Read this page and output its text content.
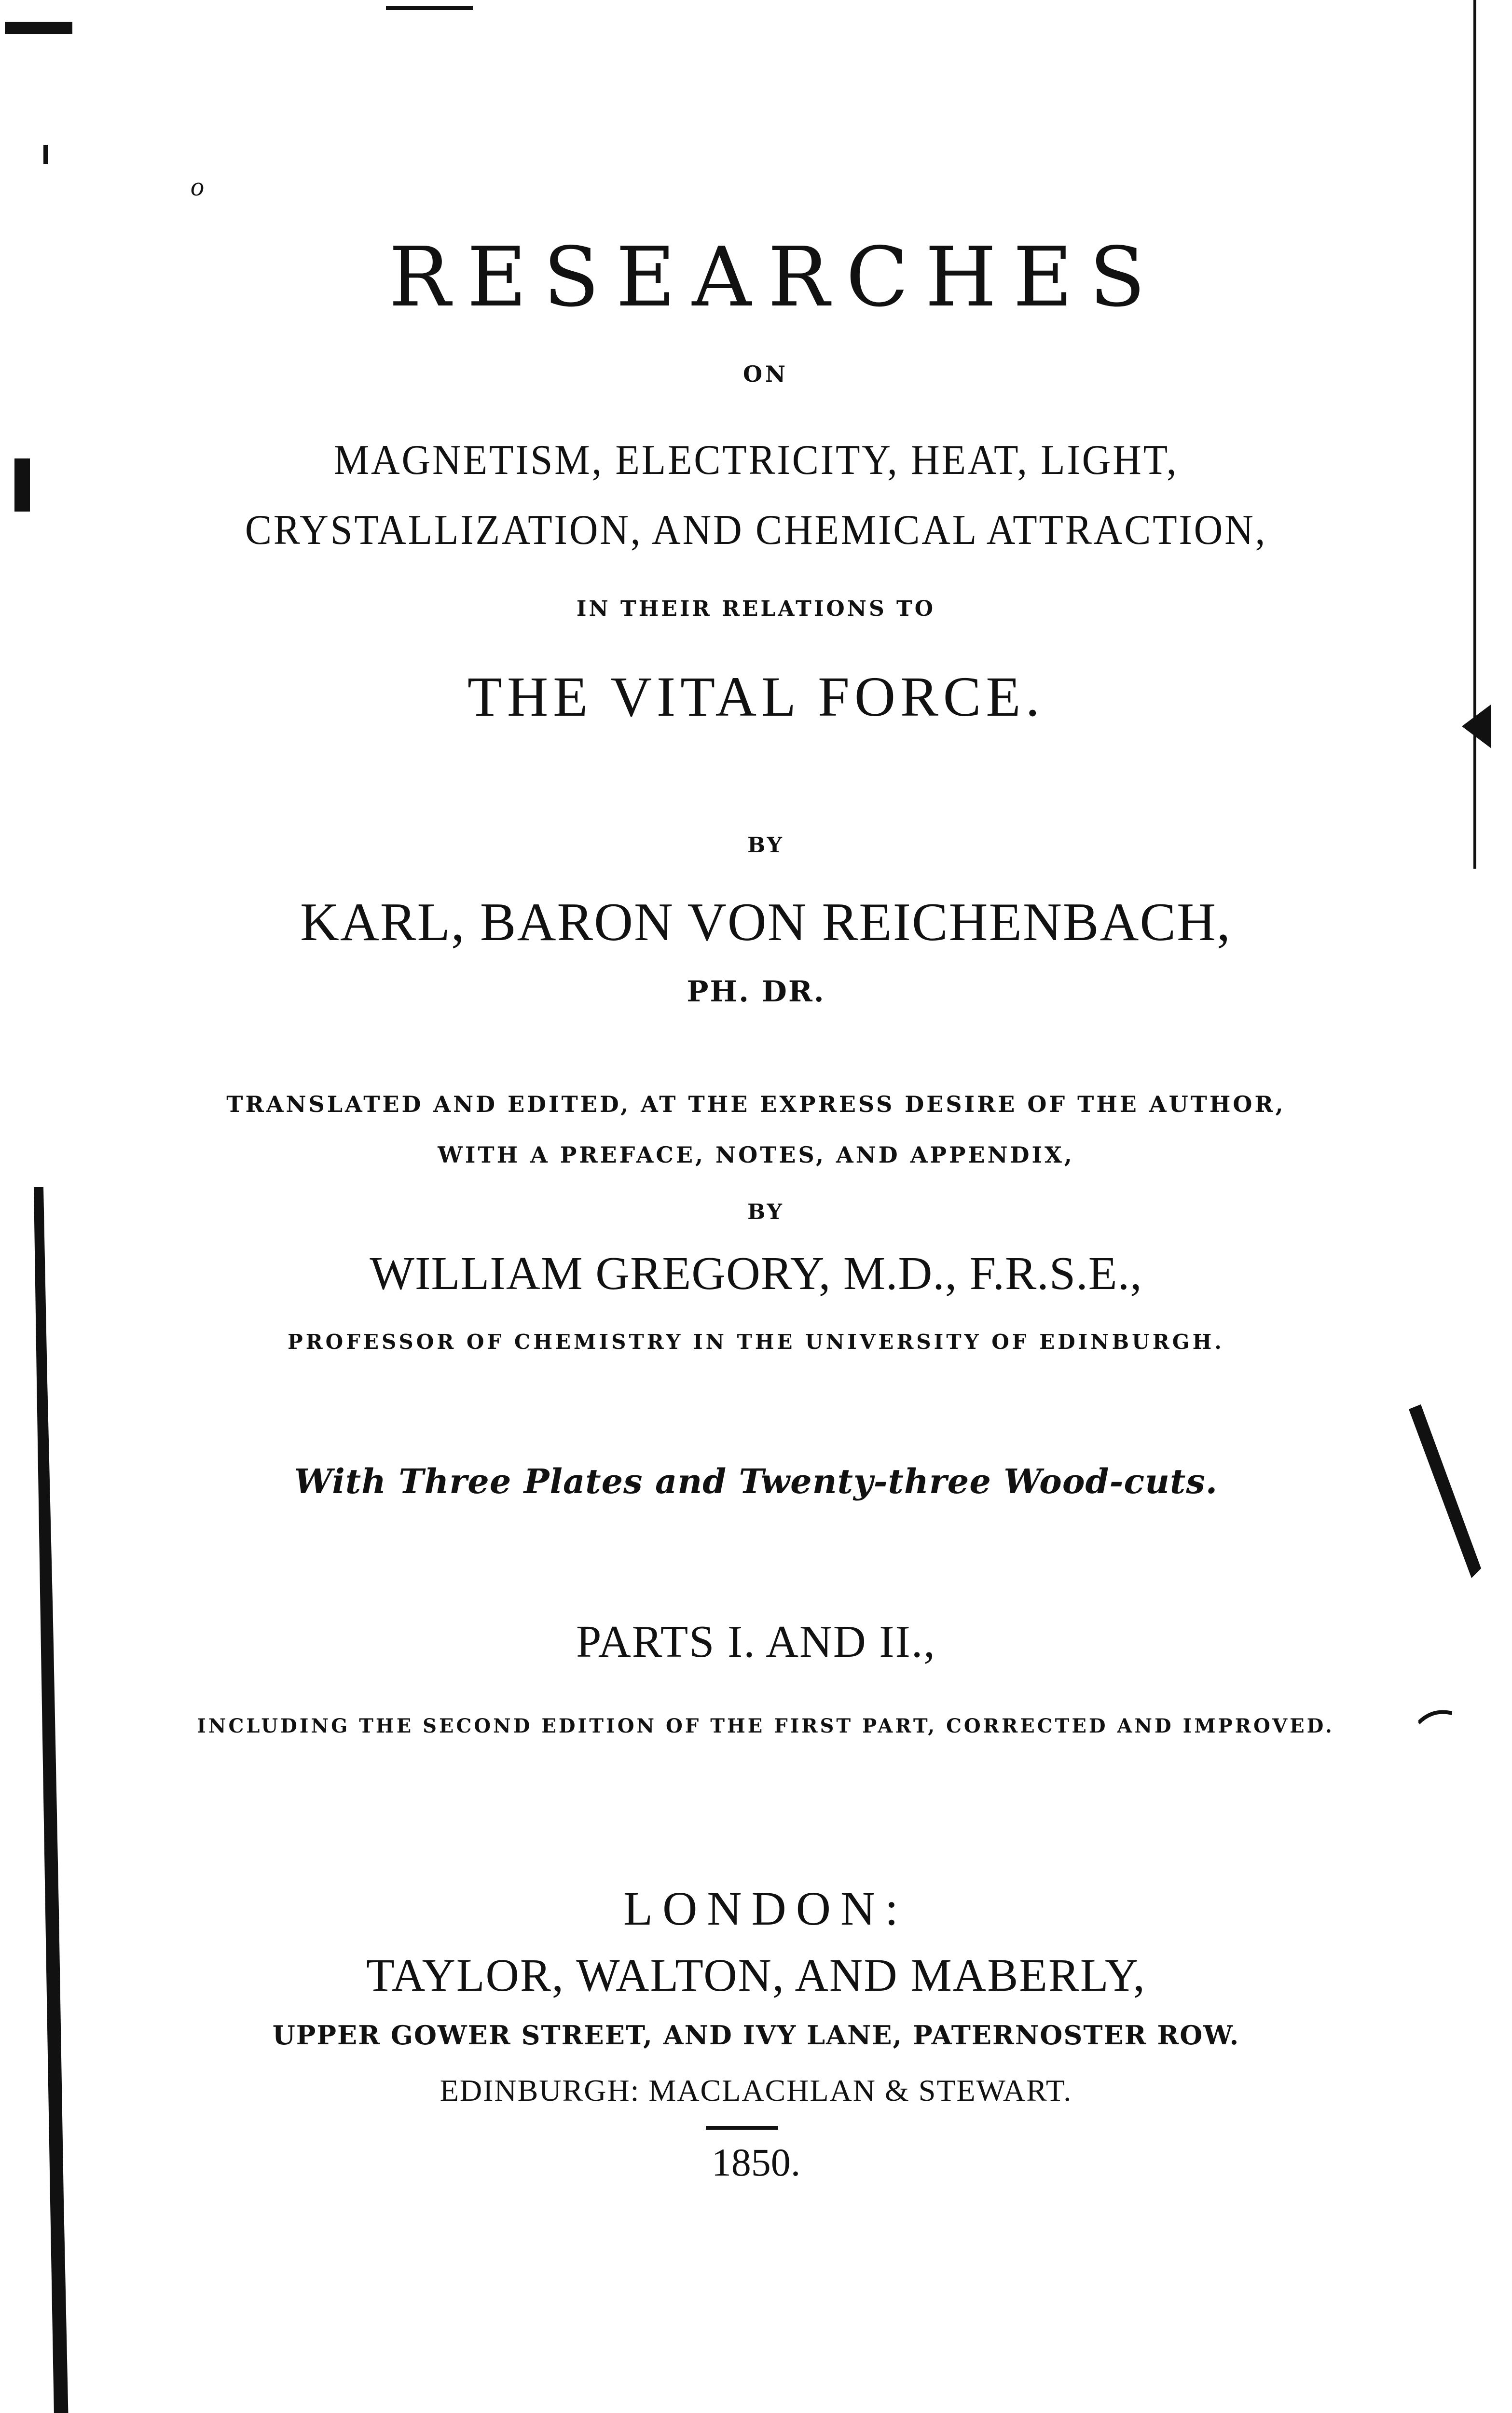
o
RESEARCHES
ON
MAGNETISM, ELECTRICITY, HEAT, LIGHT,
CRYSTALLIZATION, AND CHEMICAL ATTRACTION,
IN THEIR RELATIONS TO
THE VITAL FORCE.
BY
KARL, BARON VON REICHENBACH,
PH. DR.
TRANSLATED AND EDITED, AT THE EXPRESS DESIRE OF THE AUTHOR,
WITH A PREFACE, NOTES, AND APPENDIX,
BY
WILLIAM GREGORY, M.D., F.R.S.E.,
PROFESSOR OF CHEMISTRY IN THE UNIVERSITY OF EDINBURGH.
With Three Plates and Twenty-three Wood-cuts.
PARTS I. AND II.,
INCLUDING THE SECOND EDITION OF THE FIRST PART, CORRECTED AND IMPROVED.
LONDON:
TAYLOR, WALTON, AND MABERLY,
UPPER GOWER STREET, AND IVY LANE, PATERNOSTER ROW.
EDINBURGH: MACLACHLAN & STEWART.
1850.
